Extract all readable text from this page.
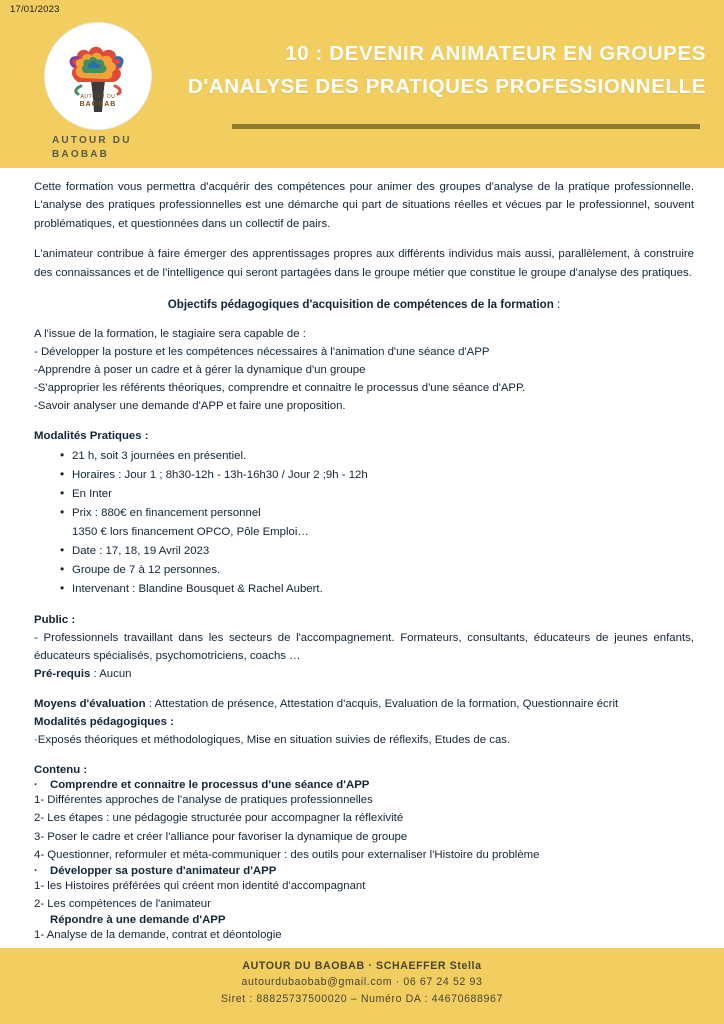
17/01/2023
AUTOUR DU
BAOBAB
AUTOUR DU
BAOBAB
10 : DEVENIR ANIMATEUR EN GROUPES
D'ANALYSE DES PRATIQUES PROFESSIONNELLE

Cette formation vous permettra d'acquérir des compétences pour animer des groupes d'analyse de la pratique professionnelle. L'analyse des pratiques professionnelles est une démarche qui part de situations réelles et vécues par le professionnel, souvent problématiques, et questionnées dans un collectif de pairs.

L'animateur contribue à faire émerger des apprentissages propres aux différents individus mais aussi, parallèlement, à construire des connaissances et de l'intelligence qui seront partagées dans le groupe métier que constitue le groupe d'analyse des pratiques.

Objectifs pédagogiques d'acquisition de compétences de la formation :
A l'issue de la formation, le stagiaire sera capable de :
- Développer la posture et les compétences nécessaires à l'animation d'une séance d'APP
-Apprendre à poser un cadre et à gérer la dynamique d'un groupe
-S'approprier les référents théoriques, comprendre et connaitre le processus d'une séance d'APP.
-Savoir analyser une demande d'APP et faire une proposition.
Modalités Pratiques :
• 21 h, soit 3 journées en présentiel.
• Horaires : Jour 1 ; 8h30-12h - 13h-16h30 / Jour 2 ;9h - 12h
• En Inter
• Prix : 880€ en financement personnel
1350 € lors financement OPCO, Pôle Emploi…
• Date : 17, 18, 19 Avril 2023
• Groupe de 7 à 12 personnes.
• Intervenant : Blandine Bousquet & Rachel Aubert.
Public :
- Professionnels travaillant dans les secteurs de l'accompagnement. Formateurs, consultants, éducateurs de jeunes enfants, éducateurs spécialisés, psychomotriciens, coachs …
Pré-requis : Aucun
Moyens d'évaluation : Attestation de présence, Attestation d'acquis, Evaluation de la formation, Questionnaire écrit
Modalités pédagogiques :
·Exposés théoriques et méthodologiques, Mise en situation suivies de réflexifs, Etudes de cas.
Contenu :
· Comprendre et connaitre le processus d'une séance d'APP
1- Différentes approches de l'analyse de pratiques professionnelles
2- Les étapes : une pédagogie structurée pour accompagner la réflexivité
3- Poser le cadre et créer l'alliance pour favoriser la dynamique de groupe
4- Questionner, reformuler et méta-communiquer : des outils pour externaliser l'Histoire du problème
· Développer sa posture d'animateur d'APP
1- les Histoires préférées qui créent mon identité d'accompagnant
2- Les compétences de l'animateur
Répondre à une demande d'APP
1- Analyse de la demande, contrat et déontologie
AUTOUR DU BAOBAB · SCHAEFFER Stella
autourdubaobab@gmail.com · 06 67 24 52 93
Siret : 88825737500020 – Numéro DA : 44670688967
